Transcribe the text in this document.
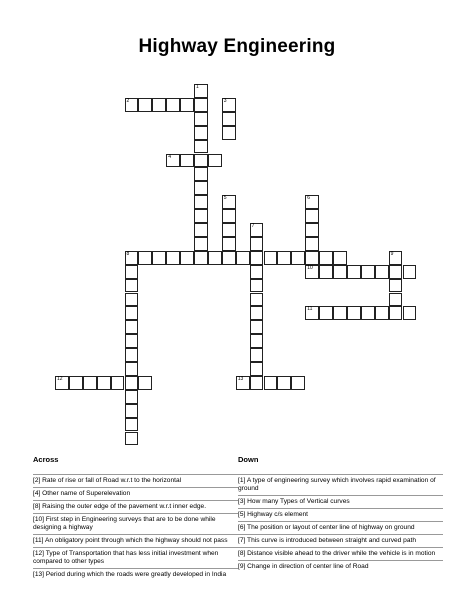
Highway Engineering
1
2	3
4
5	6
10
7
8	9
11
12	13
Across
[2] Rate of rise or fall of Road w.r.t to the horizontal
[4] Other name of Superelevation
[8] Raising the outer edge of the pavement w.r.t inner edge.
[10] First step in Engineering surveys that are to be done while designing a highway
[11] An obligatory point through which the highway should not pass
[12] Type of Transportation that has less initial investment when compared to other types
[13] Period during which the roads were greatly developed in India
Down
[1] A type of engineering survey which involves rapid examination of ground
[3] How many Types of Vertical curves
[5] Highway c/s element
[6] The position or layout of center line of highway on ground
[7] This curve is introduced between straight and curved path
[8] Distance visible ahead to the driver while the vehicle is in motion
[9] Change in direction of center line of Road
